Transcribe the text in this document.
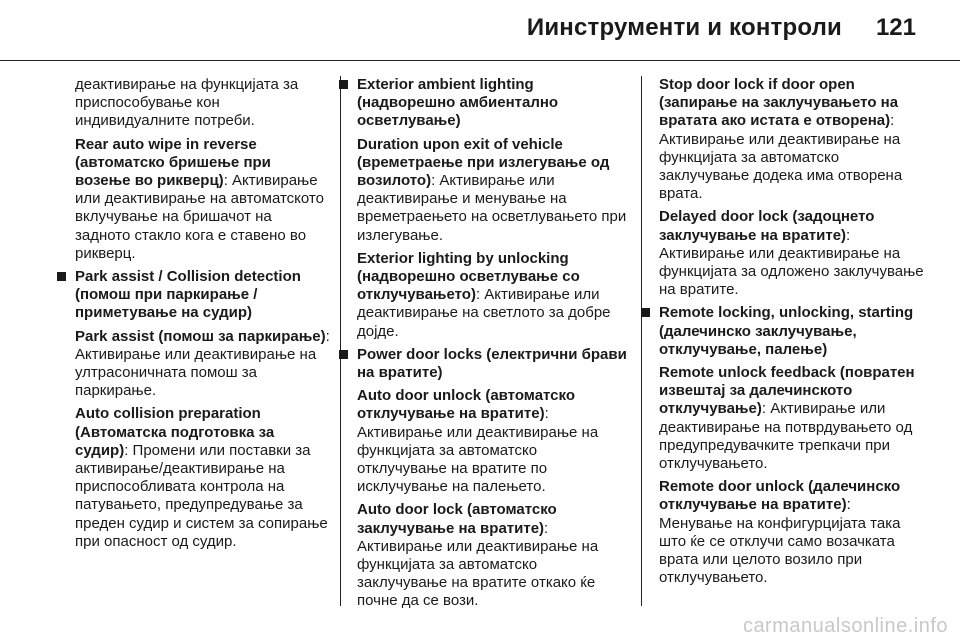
Иинструменти и контроли 121

деактивирање на функцијата за приспособување кон индивидуалните потреби.

Rear auto wipe in reverse (автоматско бришење при возење во рикверц): Активирање или деактивирање на автоматското вклучување на бришачот на задното стакло кога е ставено во рикверц.

Park assist / Collision detection (помош при паркирање / приметување на судир)

Park assist (помош за паркирање): Активирање или деактивирање на ултрасоничната помош за паркирање.

Auto collision preparation (Автоматска подготовка за судир): Промени или поставки за активирање/деактивирање на приспособливата контрола на патувањето, предупредување за преден судир и систем за сопирање при опасност од судир.

Exterior ambient lighting (надворешно амбиентално осветлување)

Duration upon exit of vehicle (времетраење при излегување од возилото): Активирање или деактивирање и менување на времетраењето на осветлувањето при излегување.

Exterior lighting by unlocking (надворешно осветлување со отклучувањето): Активирање или деактивирање на светлото за добре дојде.

Power door locks (електрични брави на вратите)

Auto door unlock (автоматско отклучување на вратите): Активирање или деактивирање на функцијата за автоматско отклучување на вратите по исклучување на палењето.

Auto door lock (автоматско заклучување на вратите): Активирање или деактивирање на функцијата за автоматско заклучување на вратите откако ќе почне да се вози.

Stop door lock if door open (запирање на заклучувањето на вратата ако истата е отворена): Активирање или деактивирање на функцијата за автоматско заклучување додека има отворена врата.

Delayed door lock (задоцнето заклучување на вратите): Активирање или деактивирање на функцијата за одложено заклучување на вратите.

Remote locking, unlocking, starting (далечинско заклучување, отклучување, палење)

Remote unlock feedback (повратен извештај за далечинското отклучување): Активирање или деактивирање на потврдувањето од предупредувачките трепкачи при отклучувањето.

Remote door unlock (далечинско отклучување на вратите): Менување на конфигурцијата така што ќе се отклучи само возачката врата или целото возило при отклучувањето.

carmanualsonline.info
